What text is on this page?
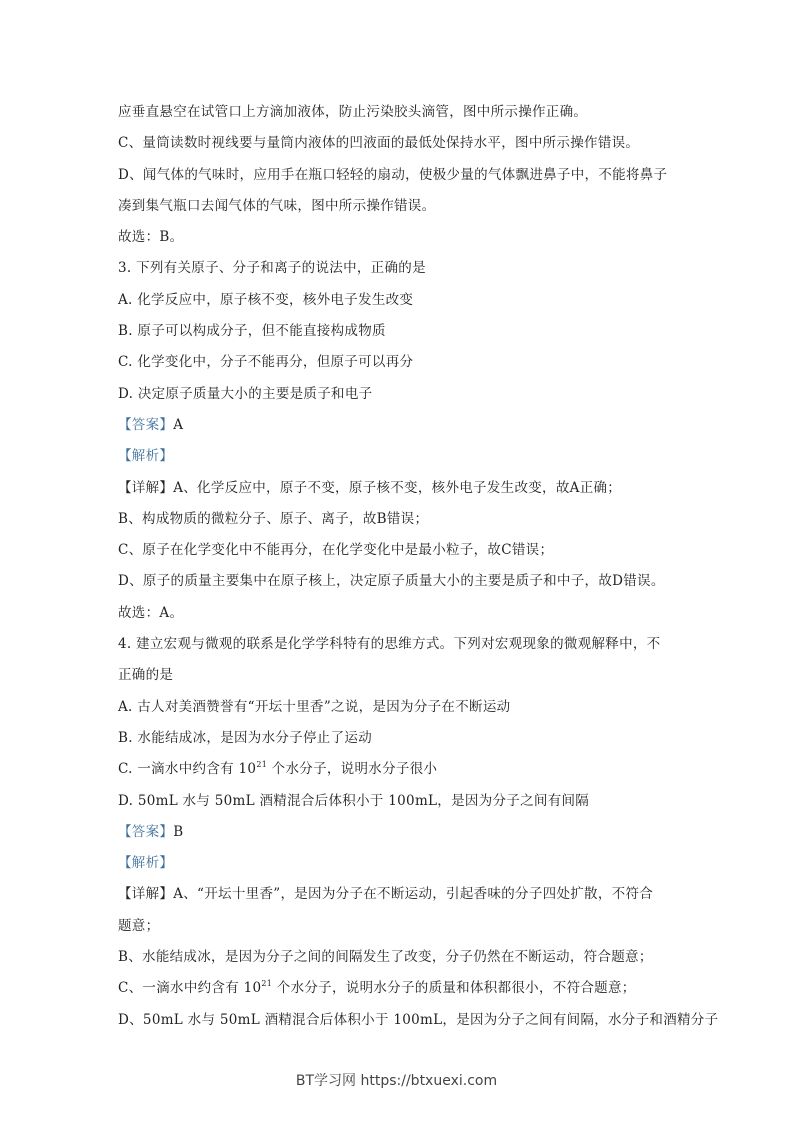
应垂直悬空在试管口上方滴加液体，防止污染胶头滴管，图中所示操作正确。
C、量筒读数时视线要与量筒内液体的凹液面的最低处保持水平，图中所示操作错误。
D、闻气体的气味时，应用手在瓶口轻轻的扇动，使极少量的气体飘进鼻子中，不能将鼻子
凑到集气瓶口去闻气体的气味，图中所示操作错误。
故选：B。
3. 下列有关原子、分子和离子的说法中，正确的是
A. 化学反应中，原子核不变，核外电子发生改变
B. 原子可以构成分子，但不能直接构成物质
C. 化学变化中，分子不能再分，但原子可以再分
D. 决定原子质量大小的主要是质子和电子
【答案】A
【解析】
【详解】A、化学反应中，原子不变，原子核不变，核外电子发生改变，故A正确；
B、构成物质的微粒分子、原子、离子，故B错误；
C、原子在化学变化中不能再分，在化学变化中是最小粒子，故C错误；
D、原子的质量主要集中在原子核上，决定原子质量大小的主要是质子和中子，故D错误。
故选：A。
4. 建立宏观与微观的联系是化学学科特有的思维方式。下列对宏观现象的微观解释中，不
正确的是
A. 古人对美酒赞誉有“开坛十里香”之说，是因为分子在不断运动
B. 水能结成冰，是因为水分子停止了运动
C. 一滴水中约含有 $10^{21}$ 个水分子，说明水分子很小
D. 50mL 水与 50mL 酒精混合后体积小于 100mL，是因为分子之间有间隔
【答案】B
【解析】
【详解】A、“开坛十里香”，是因为分子在不断运动，引起香味的分子四处扩散，不符合
题意；
B、水能结成冰，是因为分子之间的间隔发生了改变，分子仍然在不断运动，符合题意；
C、一滴水中约含有 $10^{21}$ 个水分子，说明水分子的质量和体积都很小，不符合题意；
D、50mL 水与 50mL 酒精混合后体积小于 100mL，是因为分子之间有间隔，水分子和酒精分子
BT学习网 https://btxuexi.com
